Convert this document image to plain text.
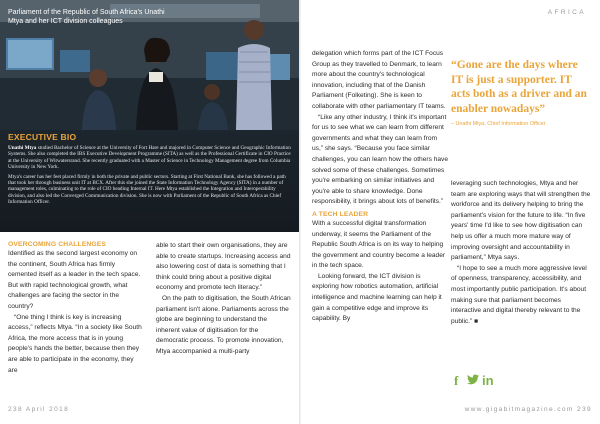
Parliament of the Republic of South Africa's Unathi Mtya and her ICT division colleagues
EXECUTIVE BIO

Unathi Mtya studied Bachelor of Science at the University of Fort Hare and majored in Computer Science and Geographic Information Systems. She also completed the IBS Executive Development Programme (SITA) as well as the Professional Certificate in CIO Practice at the University of Witwatersrand. She recently graduated with a Master of Science in Technology Management degree from Columbia University in New York.

Mtya's career has her feet placed firmly in both the private and public sectors. Starting at First National Bank, she has followed a path that took her through business unit IT at BCX. After this she joined the State Information Technology Agency (SITA) in a number of management roles, culminating to the role of CIO heading Internal IT. Here Mtya established the Integration and Interoperability division, and also led the Converged Communication division. She is now with Parliament of the Republic of South Africa as Chief Information Officer.

OVERCOMING CHALLENGES

Identified as the second largest economy on the continent, South Africa has firmly cemented itself as a leader in the tech space. But with rapid technological growth, what challenges are facing the sector in the country?

“One thing I think is key is increasing access,” reflects Mtya. “In a society like South Africa, the more access that is in young people's hands the better, because then they are able to participate in the economy, they are

able to start their own organisations, they are able to create startups. Increasing access and also lowering cost of data is something that I think could bring about a positive digital economy and promote tech literacy.”

On the path to digitisation, the South African parliament isn't alone. Parliaments across the globe are beginning to understand the inherent value of digitisation for the democratic process. To promote innovation, Mtya accompanied a multi-party

238 April 2018
AFRICA

delegation which forms part of the ICT Focus Group as they travelled to Denmark, to learn more about the country's technological innovation, including that of the Danish Parliament (Folketing). She is keen to collaborate with other parliamentary IT teams.

“Like any other industry, I think it's important for us to see what we can learn from different governments and what they can learn from us,” she says. “Because you face similar challenges, you can learn how the others have solved some of these challenges. Sometimes you're embarking on similar initiatives and you're able to share knowledge. Done responsibility, it brings about lots of benefits.”

A TECH LEADER

With a successful digital transformation underway, it seems the Parliament of the Republic South Africa is on its way to helping the government and country become a leader in the tech space.

Looking forward, the ICT division is exploring how robotics automation, artificial intelligence and machine learning can help it gain a competitive edge and improve its capability. By

“Gone are the days where IT is just a supporter. IT acts both as a driver and an enabler nowadays”

– Unathi Mtya, Chief Information Officer

leveraging such technologies, Mtya and her team are exploring ways that will strengthen the workforce and its delivery helping to bring the parliament's vision for the future to life. “In five years' time I'd like to see how digitisation can help us offer a much more mature way of improving oversight and accountability in parliament,” Mtya says.

“I hope to see a much more aggressive level of openness, transparency, accessibility, and most importantly public participation. It's about making sure that parliament becomes interactive and digital thereby relevant to the public.” ■

f in
www.gigabitmagazine.com 239
